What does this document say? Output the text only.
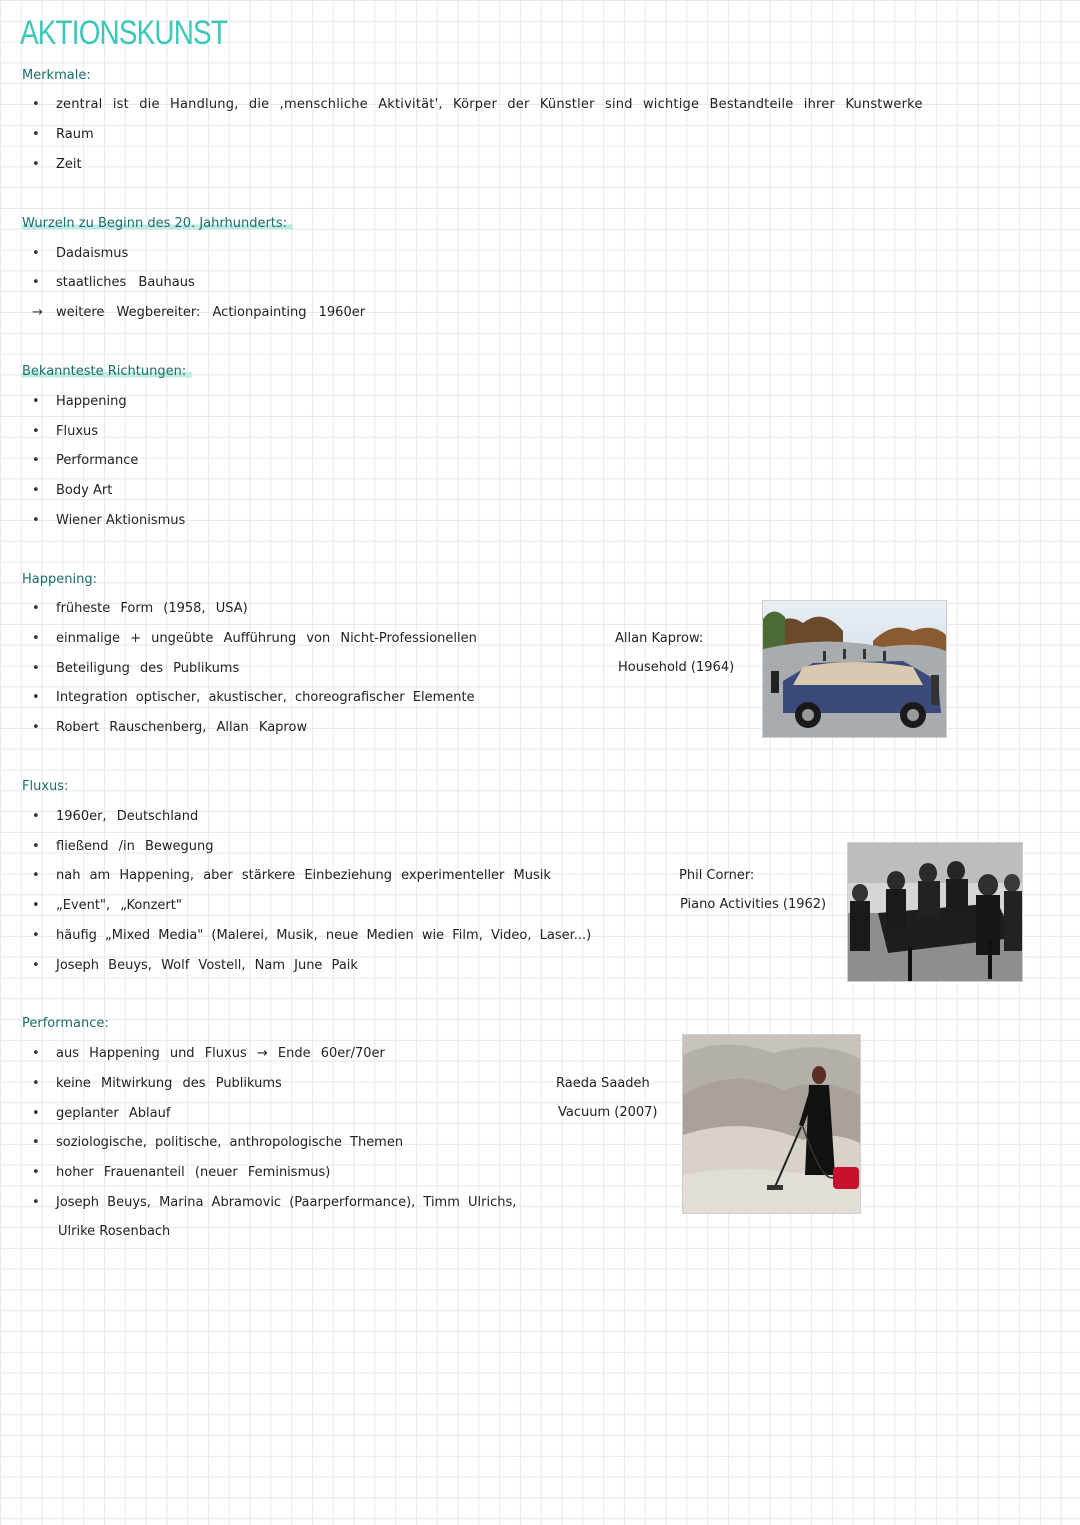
AKTIONSKUNST
Merkmale:
• zentral ist die Handlung, die ,menschliche Aktivität', Körper der Künstler sind wichtige Bestandteile ihrer Kunstwerke
• Raum
• Zeit
Wurzeln zu Beginn des 20. Jahrhunderts:
• Dadaismus
• staatliches Bauhaus
→ weitere Wegbereiter: Actionpainting 1960er
Bekannteste Richtungen:
• Happening
• Fluxus
• Performance
• Body Art
• Wiener Aktionismus
Happening:
• früheste Form (1958, USA)
• einmalige + ungeübte Aufführung von Nicht-Professionellen
• Beteiligung des Publikums
• Integration optischer, akustischer, choreografischer Elemente
• Robert Rauschenberg, Allan Kaprow
Allan Kaprow:
Household (1964)
Fluxus:
• 1960er, Deutschland
• fließend /in Bewegung
• nah am Happening, aber stärkere Einbeziehung experimenteller Musik
• „Event", „Konzert"
• häufig „Mixed Media" (Malerei, Musik, neue Medien wie Film, Video, Laser...)
• Joseph Beuys, Wolf Vostell, Nam June Paik
Phil Corner:
Piano Activities (1962)
Performance:
• aus Happening und Fluxus → Ende 60er/70er
• keine Mitwirkung des Publikums
• geplanter Ablauf
• soziologische, politische, anthropologische Themen
• hoher Frauenanteil (neuer Feminismus)
• Joseph Beuys, Marina Abramovic (Paarperformance), Timm Ulrichs,
Ulrike Rosenbach
Raeda Saadeh
Vacuum (2007)
